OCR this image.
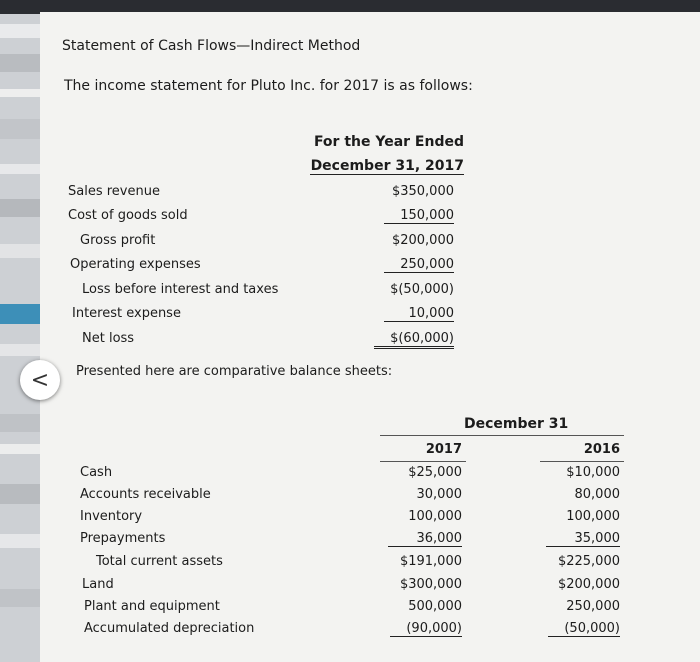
Statement of Cash Flows—Indirect Method
The income statement for Pluto Inc. for 2017 is as follows:
For the Year Ended
December 31, 2017
Sales revenue	$350,000
Cost of goods sold	150,000
Gross profit	$200,000
Operating expenses	250,000
Loss before interest and taxes	$(50,000)
Interest expense	10,000
Net loss	$(60,000)
Presented here are comparative balance sheets:
December 31
2017	2016
Cash	$25,000	$10,000
Accounts receivable	30,000	80,000
Inventory	100,000	100,000
Prepayments	36,000	35,000
Total current assets	$191,000	$225,000
Land	$300,000	$200,000
Plant and equipment	500,000	250,000
Accumulated depreciation	(90,000)	(50,000)
<
